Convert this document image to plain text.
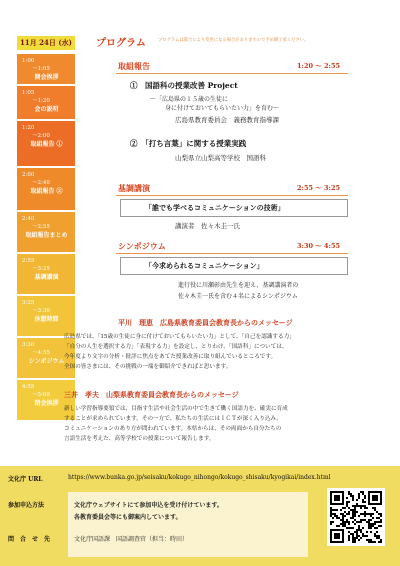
11月 24日 (水)
1:00
〜1:05
開会挨拶
1:05
〜1:20
会の説明
1:20
〜2:00
取組報告 ①
2:00
〜2:40
取組報告 ②
2:40
〜2:55
取組報告まとめ
2:55
〜3:25
基調講演
3:25
〜3:30
休憩時間
3:30
〜4:55
シンポジウム
4:55
〜5:00
閉会挨拶
プログラム	プログラムは都合により変更になる場合がありますので予め御了承ください。
取組報告	1:20 〜 2:55
①　国語科の授業改善 Project
〜「広島県の１５歳の生徒に
身に付けておいてもらいたい力」を育む〜
広島県教育委員会　義務教育指導課
②　「打ち言葉」に関する授業実践
山梨県立山梨高等学校　国語科
基調講演	2:55 〜 3:25
「誰でも学べるコミュニケーションの技術」
講演者　佐々木圭一氏
シンポジウム	3:30 〜 4:55
「今求められるコミュニケーション」
進行役に川瀬彰由先生を迎え、基調講演者の
佐々木圭一氏を含む４名によるシンポジウム
平川　理恵　広島県教育委員会教育長からのメッセージ
広島県では、「15歳の生徒に身に付けておいてもらいたい力」として、「自己を認識する力」
「自分の人生を選択する力」「表現する力」を設定し、とりわけ、「国語科」については、
今年度より文字の分析・批評に焦点をあてた授業改善に取り組んでいるところです。
全国の皆さまには、その挑戦の一端を御紹介できればと思います。
三井　孝夫　山梨県教育委員会教育長からのメッセージ
新しい学習指導要領では、目指す生活や社会生活の中で生きて働く国語力を、確実に育成
することが求められています。その一方で、私たちの生活にはＩＣＴが深く入り込み、
コミュニケーションのあり方が問われています。本県からは、その両面から自分たちの
言語生活を考えた、高等学校での授業について報告します。
文化庁 URL	https://www.bunka.go.jp/seisaku/kokugo_nihongo/kokugo_shisaku/kyogikai/index.html
参加申込方法	文化庁ウェブサイトにて参加申込を受け付けています。
各教育委員会等にも御案内しています。
問　合　せ　先	文化庁国語課　国語調査官（担当：時田）
